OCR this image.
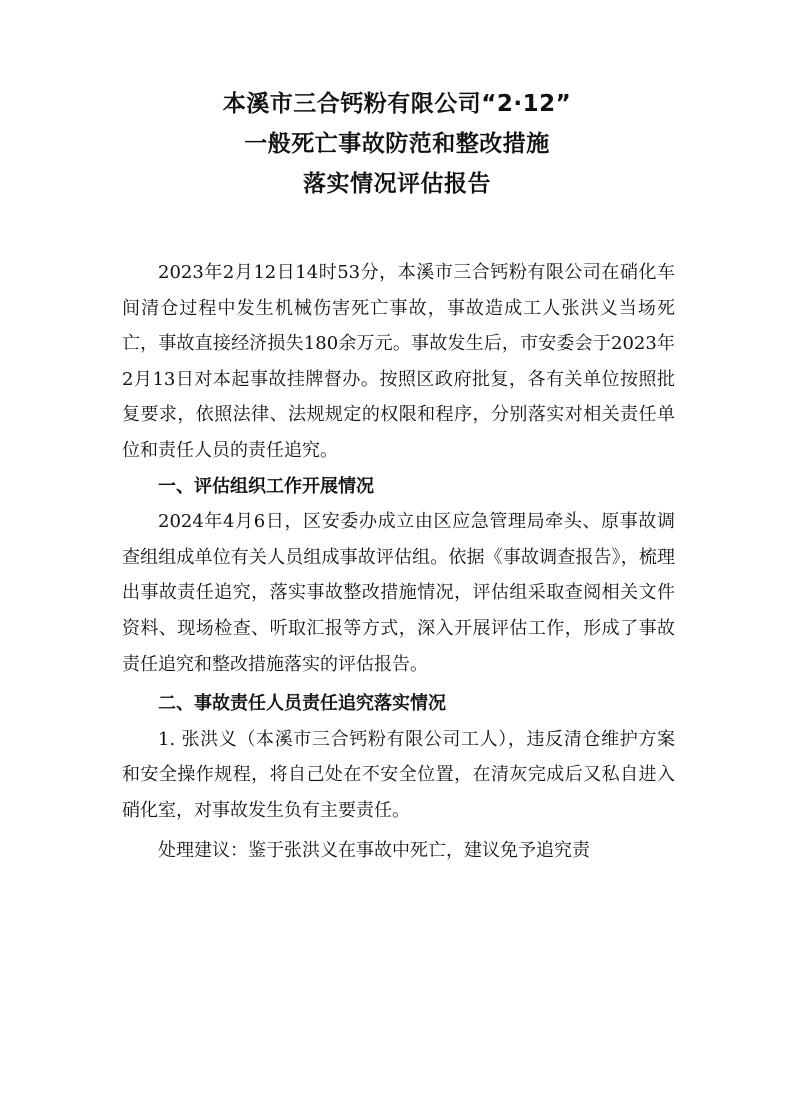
本溪市三合钙粉有限公司“2·12”
一般死亡事故防范和整改措施
落实情况评估报告

2023年2月12日14时53分，本溪市三合钙粉有限公司在硝化车间清仓过程中发生机械伤害死亡事故，事故造成工人张洪义当场死亡，事故直接经济损失180余万元。事故发生后，市安委会于2023年2月13日对本起事故挂牌督办。按照区政府批复，各有关单位按照批复要求，依照法律、法规规定的权限和程序，分别落实对相关责任单位和责任人员的责任追究。

一、评估组织工作开展情况

2024年4月6日，区安委办成立由区应急管理局牵头、原事故调查组组成单位有关人员组成事故评估组。依据《事故调查报告》，梳理出事故责任追究，落实事故整改措施情况，评估组采取查阅相关文件资料、现场检查、听取汇报等方式，深入开展评估工作，形成了事故责任追究和整改措施落实的评估报告。

二、事故责任人员责任追究落实情况

1. 张洪义（本溪市三合钙粉有限公司工人），违反清仓维护方案和安全操作规程，将自己处在不安全位置，在清灰完成后又私自进入硝化室，对事故发生负有主要责任。

处理建议：鉴于张洪义在事故中死亡，建议免予追究责
